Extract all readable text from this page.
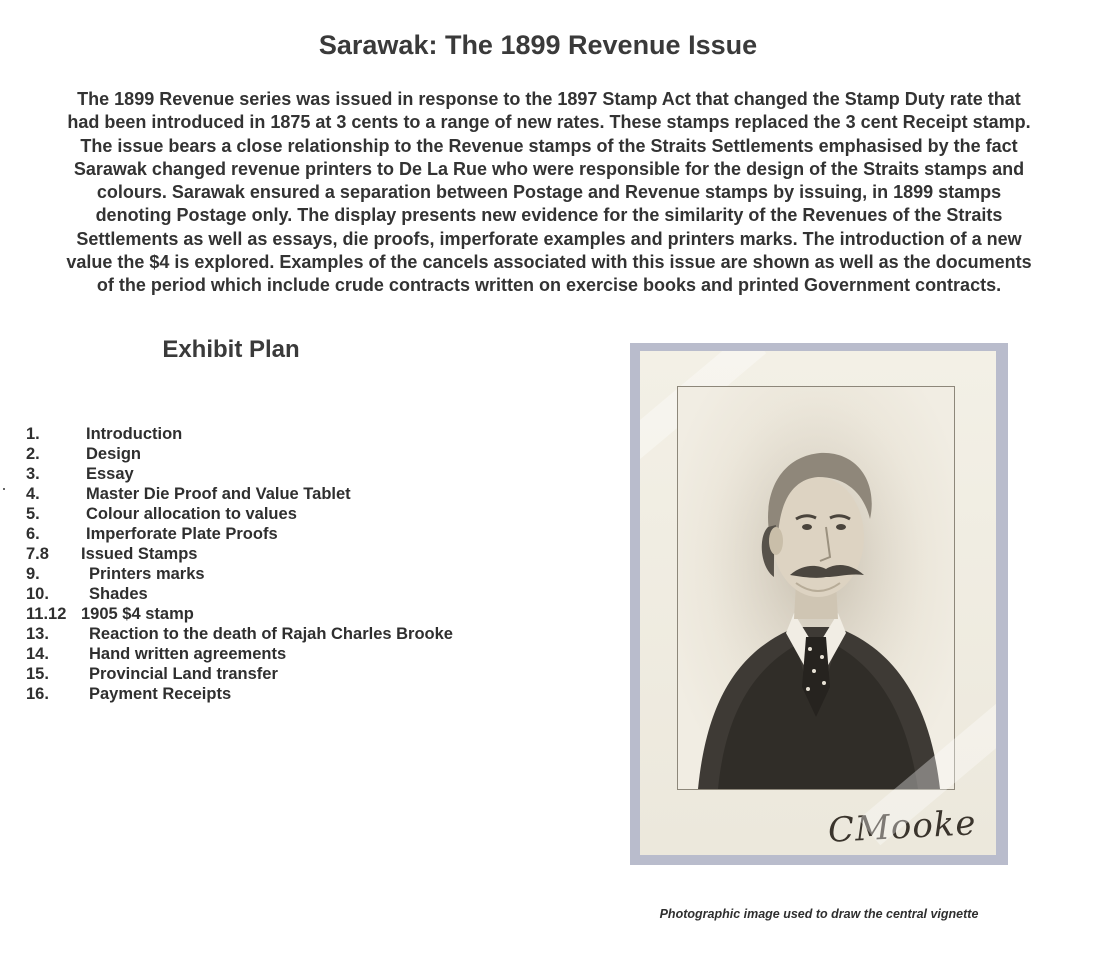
Sarawak: The 1899 Revenue Issue

The 1899 Revenue series was issued in response to the 1897 Stamp Act that changed the Stamp Duty rate that
had been introduced in 1875 at 3 cents to a range of new rates. These stamps replaced the 3 cent Receipt stamp.
The issue bears a close relationship to the Revenue stamps of the Straits Settlements emphasised by the fact
Sarawak changed revenue printers to De La Rue who were responsible for the design of the Straits stamps and
colours. Sarawak ensured a separation between Postage and Revenue stamps by issuing, in 1899 stamps
denoting Postage only. The display presents new evidence for the similarity of the Revenues of the Straits
Settlements as well as essays, die proofs, imperforate examples and printers marks. The introduction of a new
value the $4 is explored. Examples of the cancels associated with this issue are shown as well as the documents
of the period which include crude contracts written on exercise books and printed Government contracts.

Exhibit Plan
1.	Introduction
2.	Design
3.	Essay
4.	Master Die Proof and Value Tablet
5.	Colour allocation to values
6.	Imperforate Plate Proofs
7.8	Issued Stamps
9.	Printers marks
10.	Shades
11.12 1905 $4 stamp
13.	Reaction to the death of Rajah Charles Brooke
14.	Hand written agreements
15.	Provincial Land transfer
16.	Payment Receipts
CMooke
Photographic image used to draw the central vignette
